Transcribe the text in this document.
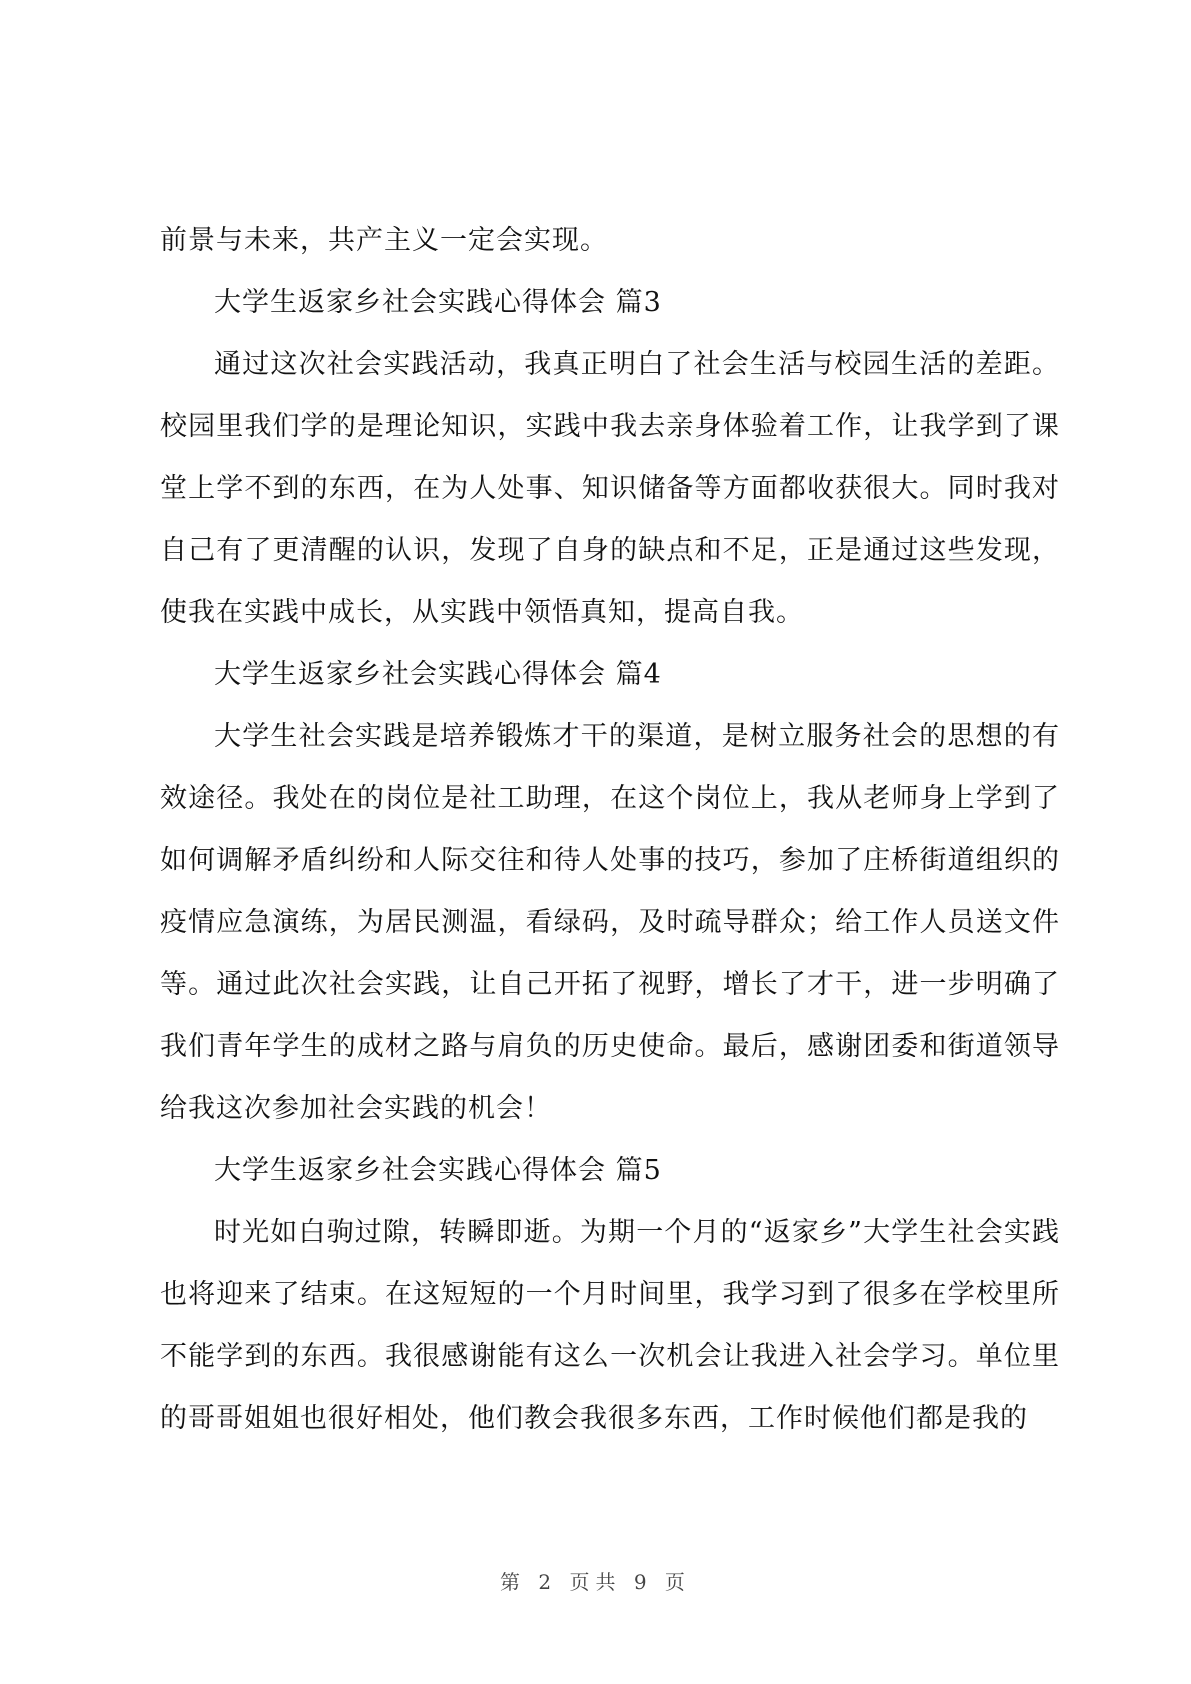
前景与未来，共产主义一定会实现。

大学生返家乡社会实践心得体会 篇3

通过这次社会实践活动，我真正明白了社会生活与校园生活的差距。校园里我们学的是理论知识，实践中我去亲身体验着工作，让我学到了课堂上学不到的东西，在为人处事、知识储备等方面都收获很大。同时我对自己有了更清醒的认识，发现了自身的缺点和不足，正是通过这些发现，使我在实践中成长，从实践中领悟真知，提高自我。

大学生返家乡社会实践心得体会 篇4

大学生社会实践是培养锻炼才干的渠道，是树立服务社会的思想的有效途径。我处在的岗位是社工助理，在这个岗位上，我从老师身上学到了如何调解矛盾纠纷和人际交往和待人处事的技巧，参加了庄桥街道组织的疫情应急演练，为居民测温，看绿码，及时疏导群众；给工作人员送文件等。通过此次社会实践，让自己开拓了视野，增长了才干，进一步明确了我们青年学生的成材之路与肩负的历史使命。最后，感谢团委和街道领导给我这次参加社会实践的机会！

大学生返家乡社会实践心得体会 篇5

时光如白驹过隙，转瞬即逝。为期一个月的“返家乡”大学生社会实践也将迎来了结束。在这短短的一个月时间里，我学习到了很多在学校里所不能学到的东西。我很感谢能有这么一次机会让我进入社会学习。单位里的哥哥姐姐也很好相处，他们教会我很多东西，工作时候他们都是我的

第 2 页共 9 页
